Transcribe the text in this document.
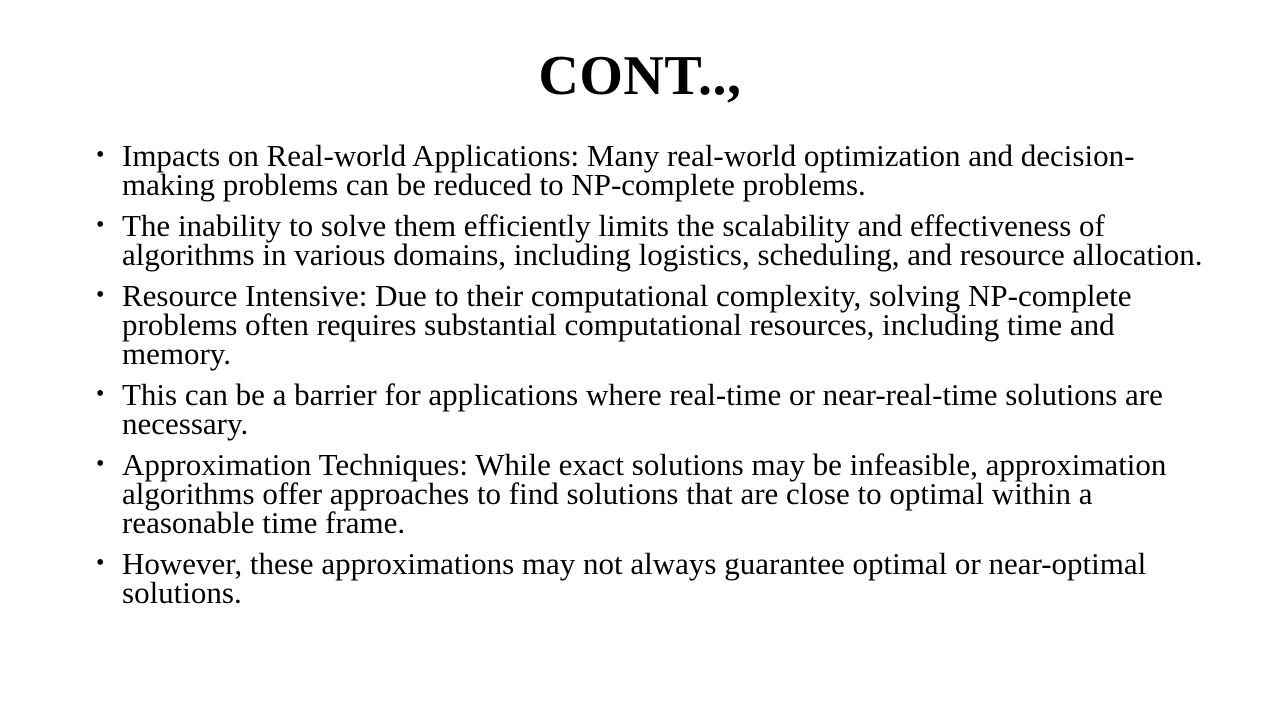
CONT..,
• Impacts on Real-world Applications: Many real-world optimization and decision-making problems can be reduced to NP-complete problems.
• The inability to solve them efficiently limits the scalability and effectiveness of algorithms in various domains, including logistics, scheduling, and resource allocation.
• Resource Intensive: Due to their computational complexity, solving NP-complete problems often requires substantial computational resources, including time and memory.
• This can be a barrier for applications where real-time or near-real-time solutions are necessary.
• Approximation Techniques: While exact solutions may be infeasible, approximation algorithms offer approaches to find solutions that are close to optimal within a reasonable time frame.
• However, these approximations may not always guarantee optimal or near-optimal solutions.
